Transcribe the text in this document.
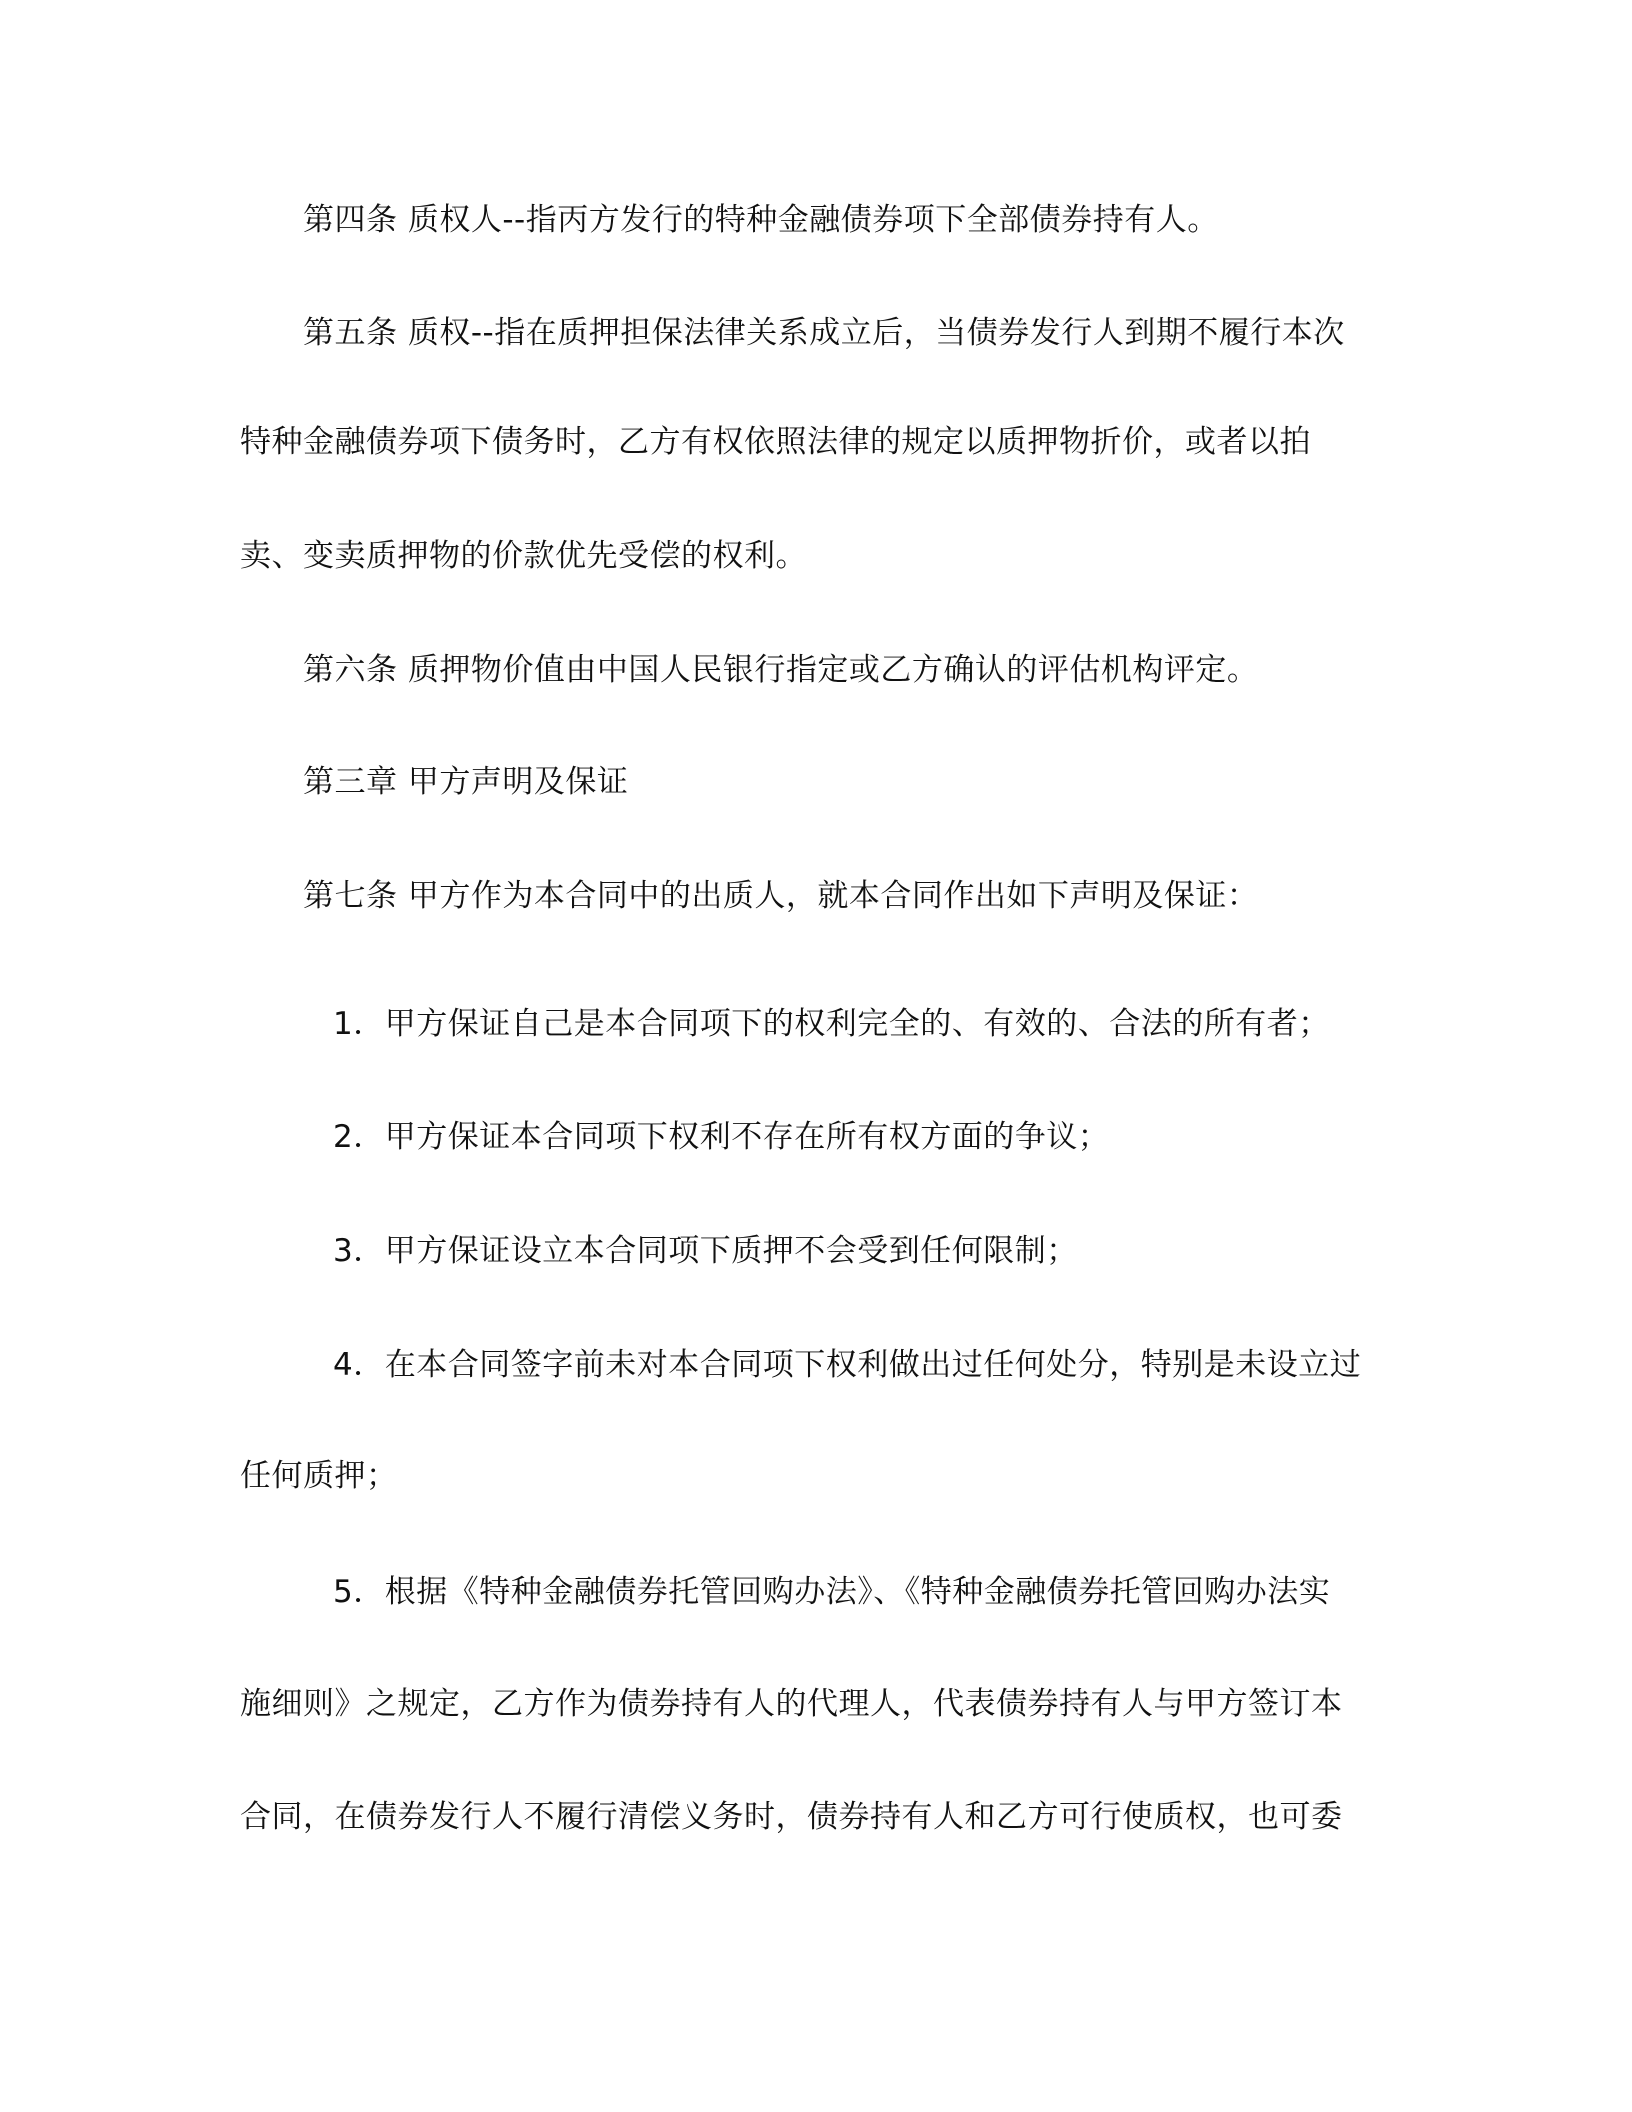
第四条 质权人--指丙方发行的特种金融债券项下全部债券持有人。
第五条 质权--指在质押担保法律关系成立后，当债券发行人到期不履行本次
特种金融债券项下债务时，乙方有权依照法律的规定以质押物折价，或者以拍
卖、变卖质押物的价款优先受偿的权利。
第六条 质押物价值由中国人民银行指定或乙方确认的评估机构评定。
第三章 甲方声明及保证
第七条 甲方作为本合同中的出质人，就本合同作出如下声明及保证：
1．甲方保证自己是本合同项下的权利完全的、有效的、合法的所有者；
2．甲方保证本合同项下权利不存在所有权方面的争议；
3．甲方保证设立本合同项下质押不会受到任何限制；
4．在本合同签字前未对本合同项下权利做出过任何处分，特别是未设立过
任何质押；
5．根据《特种金融债券托管回购办法》、《特种金融债券托管回购办法实
施细则》之规定，乙方作为债券持有人的代理人，代表债券持有人与甲方签订本
合同，在债券发行人不履行清偿义务时，债券持有人和乙方可行使质权，也可委
